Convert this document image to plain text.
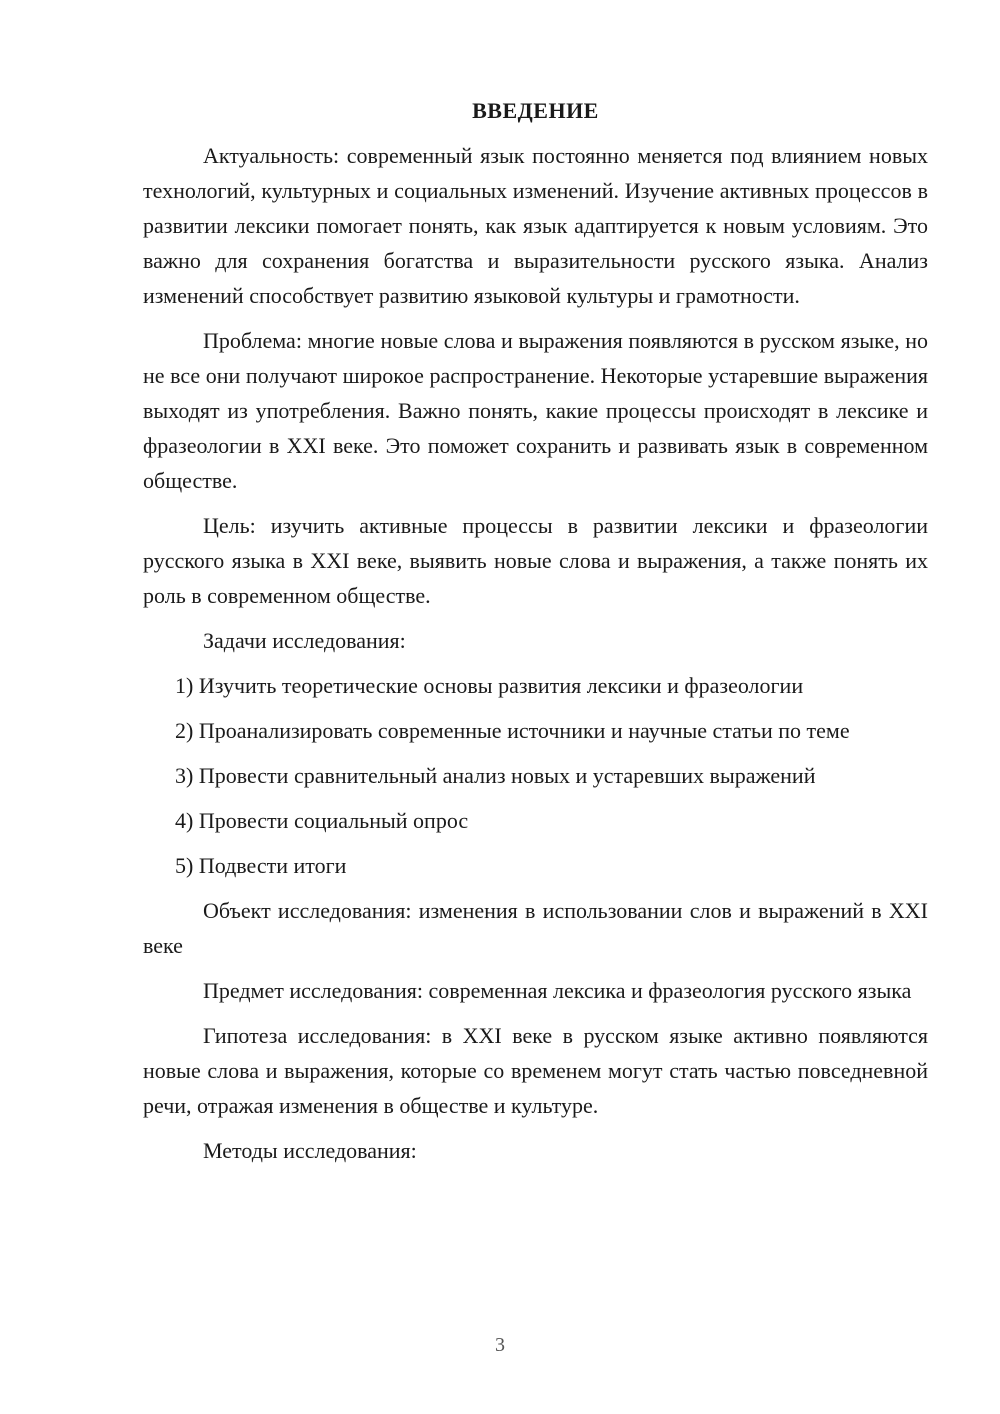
ВВЕДЕНИЕ

Актуальность: современный язык постоянно меняется под влиянием новых технологий, культурных и социальных изменений. Изучение активных процессов в развитии лексики помогает понять, как язык адаптируется к новым условиям. Это важно для сохранения богатства и выразительности русского языка. Анализ изменений способствует развитию языковой культуры и грамотности.

Проблема: многие новые слова и выражения появляются в русском языке, но не все они получают широкое распространение. Некоторые устаревшие выражения выходят из употребления. Важно понять, какие процессы происходят в лексике и фразеологии в XXI веке. Это поможет сохранить и развивать язык в современном обществе.

Цель: изучить активные процессы в развитии лексики и фразеологии русского языка в XXI веке, выявить новые слова и выражения, а также понять их роль в современном обществе.

Задачи исследования:

1) Изучить теоретические основы развития лексики и фразеологии

2) Проанализировать современные источники и научные статьи по теме

3) Провести сравнительный анализ новых и устаревших выражений

4) Провести социальный опрос

5) Подвести итоги

Объект исследования: изменения в использовании слов и выражений в XXI веке

Предмет исследования: современная лексика и фразеология русского языка

Гипотеза исследования: в XXI веке в русском языке активно появляются новые слова и выражения, которые со временем могут стать частью повседневной речи, отражая изменения в обществе и культуре.

Методы исследования:

3
